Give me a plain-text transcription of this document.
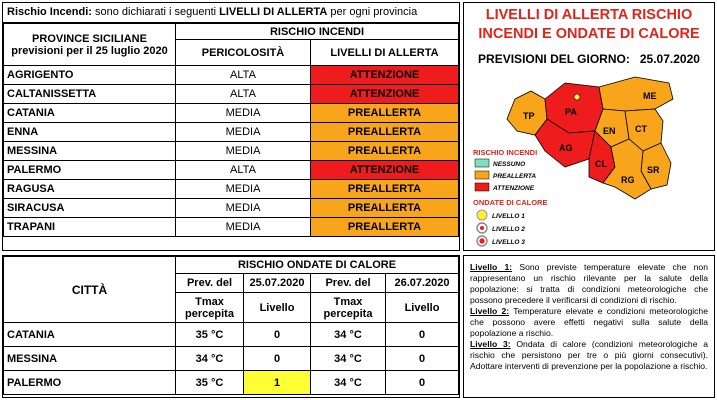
Rischio Incendi: sono dichiarati i seguenti LIVELLI DI ALLERTA per ogni provincia
PROVINCE SICILIANE previsioni per il 25 luglio 2020	RISCHIO INCENDI	
	PERICOLOSITÀ	LIVELLI DI ALLERTA
AGRIGENTO	ALTA	ATTENZIONE
CALTANISSETTA	ALTA	ATTENZIONE
CATANIA	MEDIA	PREALLERTA
ENNA	MEDIA	PREALLERTA
MESSINA	MEDIA	PREALLERTA
PALERMO	ALTA	ATTENZIONE
RAGUSA	MEDIA	PREALLERTA
SIRACUSA	MEDIA	PREALLERTA
TRAPANI	MEDIA	PREALLERTA
LIVELLI DI ALLERTA RISCHIO
INCENDI E ONDATE DI CALORE
PREVISIONI DEL GIORNO: 25.07.2020
TP	PA
ME
AG
EN CT
CL
SR
RG
RISCHIO INCENDI
NESSUNO
PREALLERTA
ATTENZIONE
ONDATE DI CALORE
LIVELLO 1
LIVELLO 2
LIVELLO 3
CITTÀ	RISCHIO ONDATE DI CALORE			
	Prev. del	25.07.2020	Prev. del	26.07.2020
	Tmax percepita	Livello	Tmax percepita	Livello
CATANIA	35 °C	0	34 °C	0
MESSINA	34 °C	0	34 °C	0
PALERMO	35 °C	1	34 °C	0

Livello 1: Sono previste temperature elevate che non rappresentano un rischio rilevante per la salute della popolazione: si tratta di condizioni meteorologiche che possono precedere il verificarsi di condizioni di rischio.

Livello 2: Temperature elevate e condizioni meteorologiche che possono avere effetti negativi sulla salute della popolazione a rischio.

Livello 3: Ondata di calore (condizioni meteorologiche a rischio che persistono per tre o più giorni consecutivi). Adottare interventi di prevenzione per la popolazione a rischio.
